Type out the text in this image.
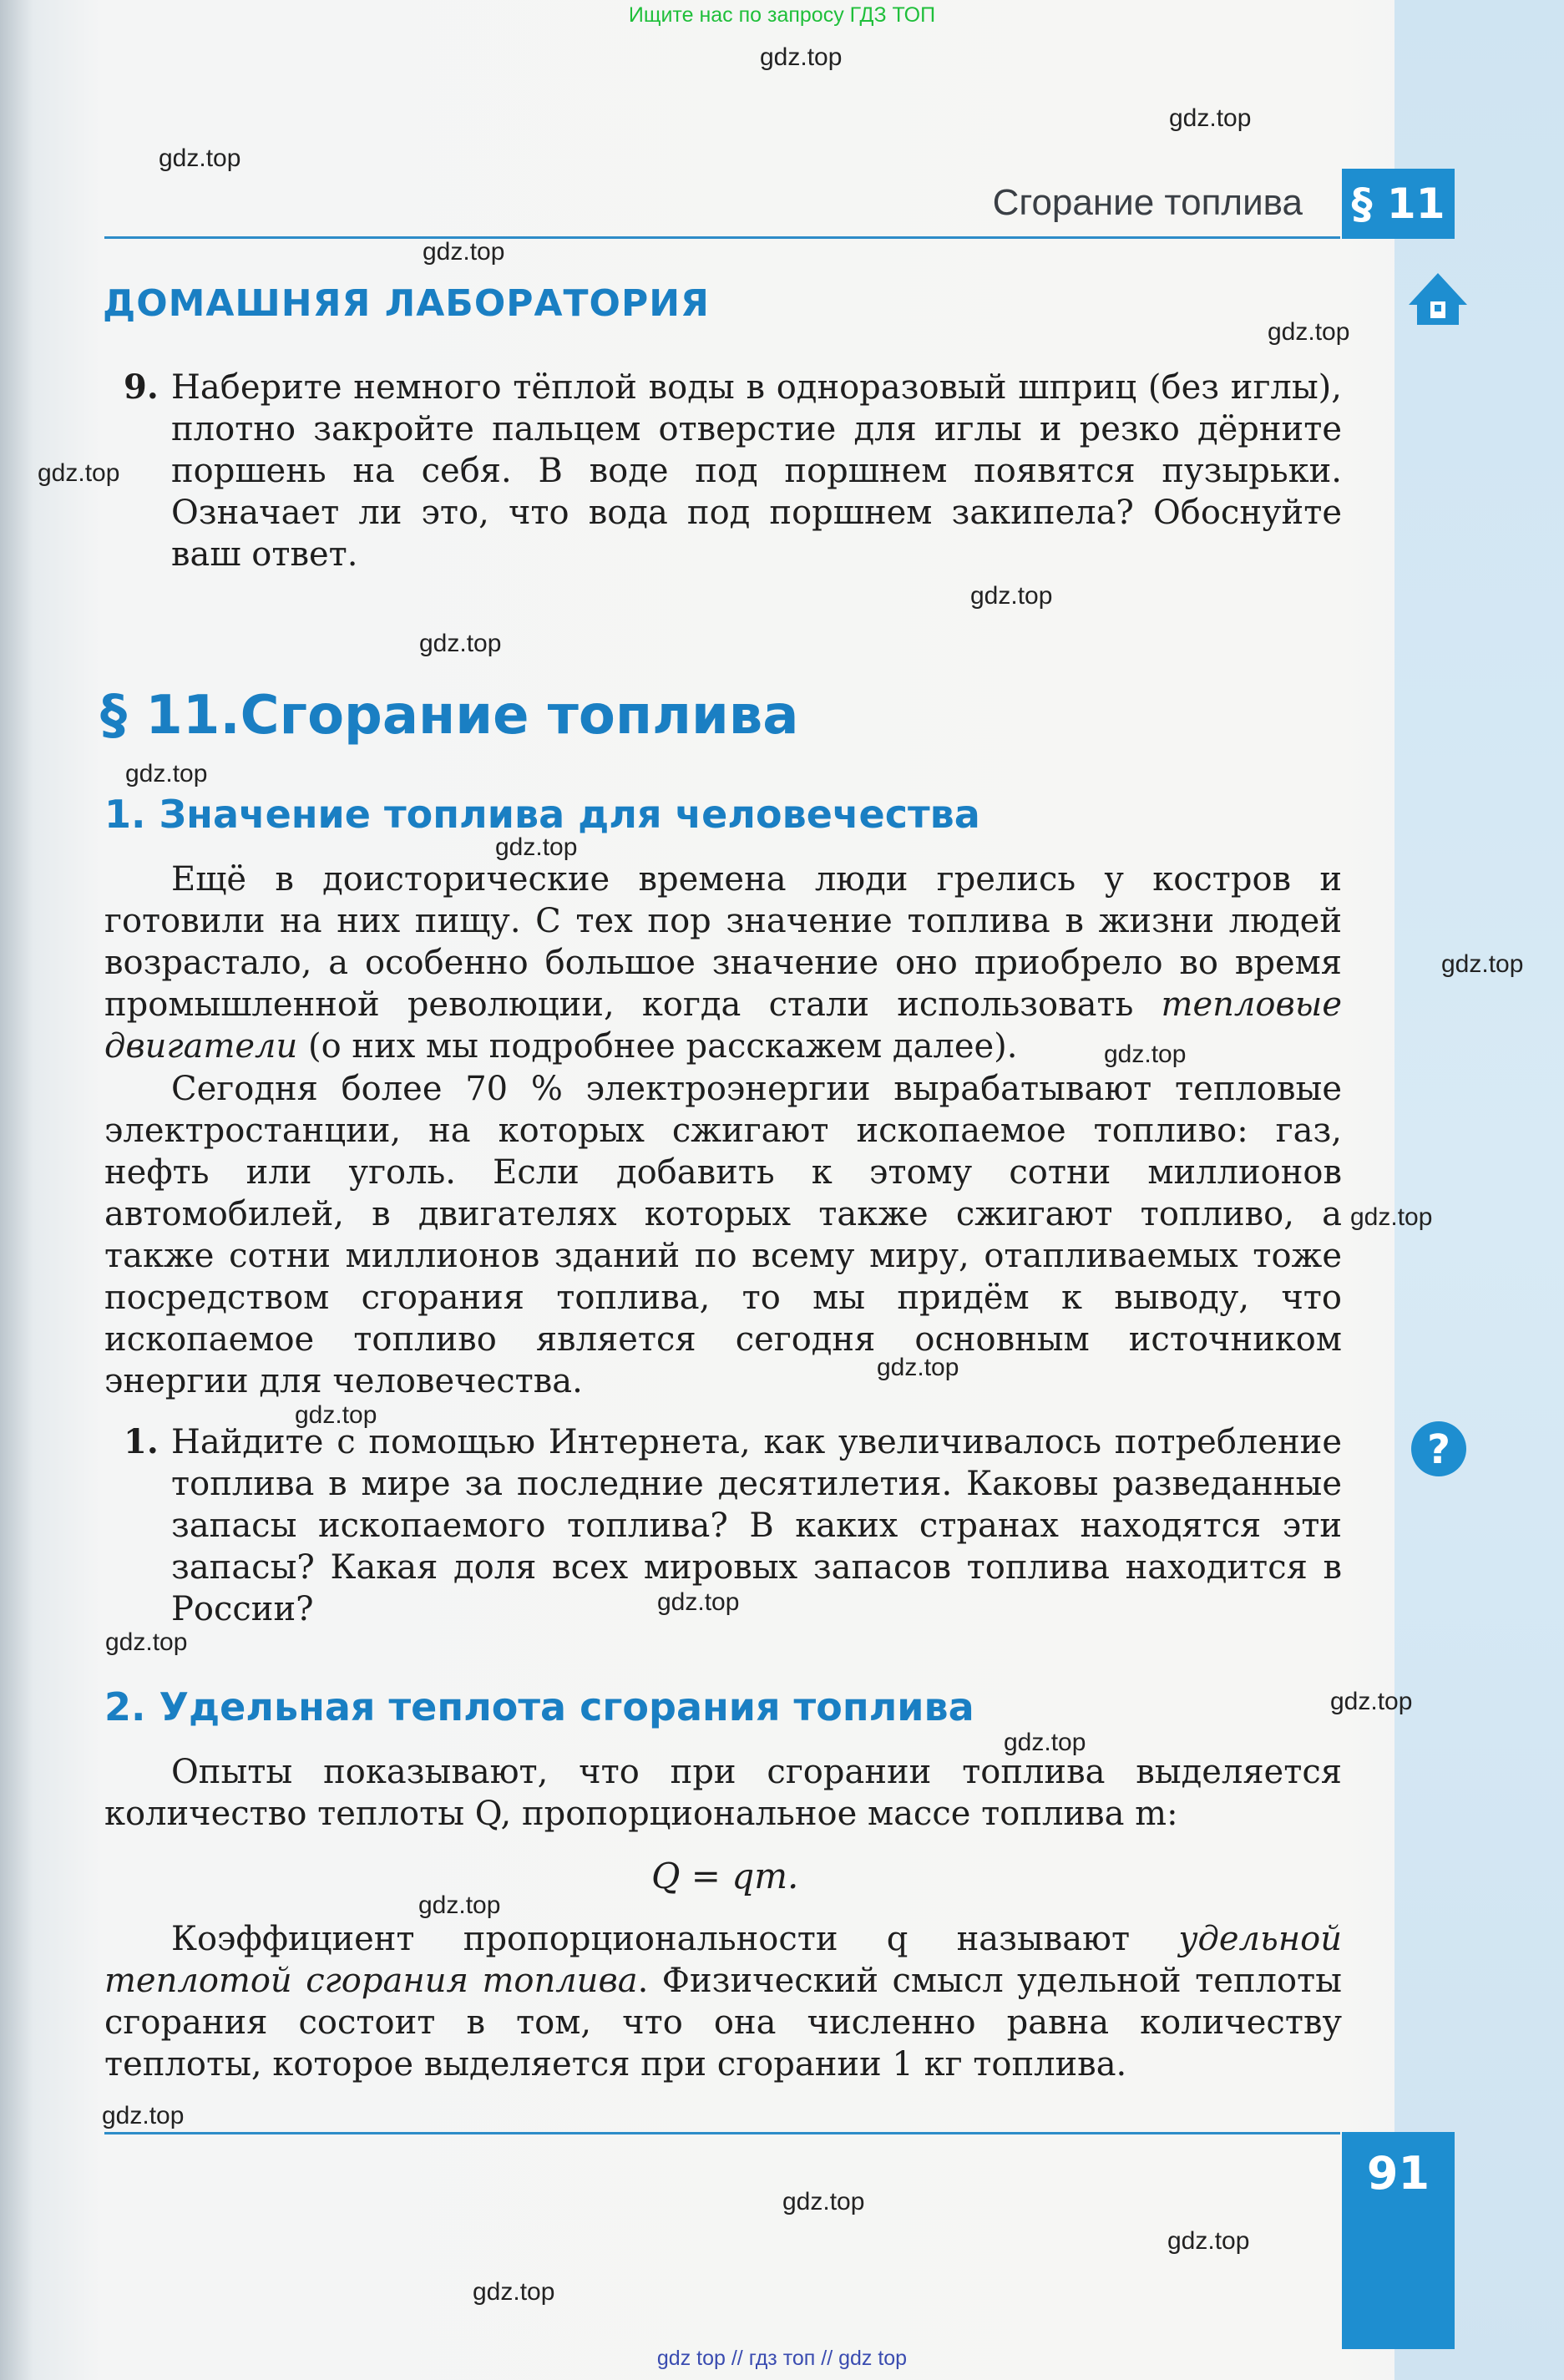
Ищите нас по запросу ГДЗ ТОП
Сгорание топлива § 11
ДОМАШНЯЯ ЛАБОРАТОРИЯ
9. Наберите немного тёплой воды в одноразовый шприц (без иглы), плотно закройте пальцем отверстие для иглы и резко дёрните поршень на себя. В воде под поршнем появятся пузырьки. Означает ли это, что вода под поршнем закипела? Обоснуйте ваш ответ.

§ 11.Сгорание топлива
1. Значение топлива для человечества

Ещё в доисторические времена люди грелись у костров и готовили на них пищу. С тех пор значение топлива в жизни людей возрастало, а особенно большое значение оно приобрело во время промышленной революции, когда стали использовать тепловые двигатели (о них мы подробнее расскажем далее).

Сегодня более 70 % электроэнергии вырабатывают тепловые электростанции, на которых сжигают ископаемое топливо: газ, нефть или уголь. Если добавить к этому сотни миллионов автомобилей, в двигателях которых также сжигают топливо, а также сотни миллионов зданий по всему миру, отапливаемых тоже посредством сгорания топлива, то мы придём к выводу, что ископаемое топливо является сегодня основным источником энергии для человечества.

?
1. Найдите с помощью Интернета, как увеличивалось потребление топлива в мире за последние десятилетия. Каковы разведанные запасы ископаемого топлива? В каких странах находятся эти запасы? Какая доля всех мировых запасов топлива находится в России?

2. Удельная теплота сгорания топлива

Опыты показывают, что при сгорании топлива выделяется количество теплоты Q, пропорциональное массе топлива m:

Q = qm.

Коэффициент пропорциональности q называют удельной теплотой сгорания топлива. Физический смысл удельной теплоты сгорания состоит в том, что она численно равна количеству теплоты, которое выделяется при сгорании 1 кг топлива.

91
gdz top // гдз топ // gdz top
gdz.top
gdz.top
gdz.top
gdz.top
gdz.top
gdz.top
gdz.top
gdz.top
gdz.top
gdz.top
gdz.top
gdz.top
gdz.top
gdz.top
gdz.top
gdz.top
gdz.top
gdz.top
gdz.top
gdz.top
gdz.top
gdz.top
gdz.top
gdz.top
